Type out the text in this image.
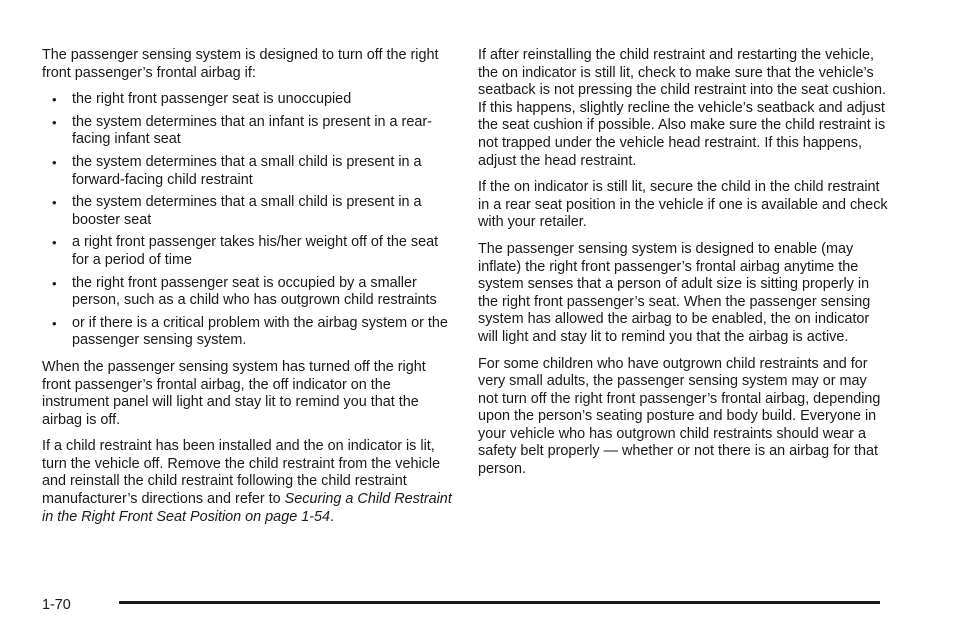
The passenger sensing system is designed to turn off the right front passenger’s frontal airbag if:

• the right front passenger seat is unoccupied
• the system determines that an infant is present in a rear-facing infant seat
• the system determines that a small child is present in a forward-facing child restraint
• the system determines that a small child is present in a booster seat
• a right front passenger takes his/her weight off of the seat for a period of time
• the right front passenger seat is occupied by a smaller person, such as a child who has outgrown child restraints
• or if there is a critical problem with the airbag system or the passenger sensing system.

When the passenger sensing system has turned off the right front passenger’s frontal airbag, the off indicator on the instrument panel will light and stay lit to remind you that the airbag is off.

If a child restraint has been installed and the on indicator is lit, turn the vehicle off. Remove the child restraint from the vehicle and reinstall the child restraint following the child restraint manufacturer’s directions and refer to Securing a Child Restraint in the Right Front Seat Position on page 1-54.

If after reinstalling the child restraint and restarting the vehicle, the on indicator is still lit, check to make sure that the vehicle’s seatback is not pressing the child restraint into the seat cushion. If this happens, slightly recline the vehicle’s seatback and adjust the seat cushion if possible. Also make sure the child restraint is not trapped under the vehicle head restraint. If this happens, adjust the head restraint.

If the on indicator is still lit, secure the child in the child restraint in a rear seat position in the vehicle if one is available and check with your retailer.

The passenger sensing system is designed to enable (may inflate) the right front passenger’s frontal airbag anytime the system senses that a person of adult size is sitting properly in the right front passenger’s seat. When the passenger sensing system has allowed the airbag to be enabled, the on indicator will light and stay lit to remind you that the airbag is active.

For some children who have outgrown child restraints and for very small adults, the passenger sensing system may or may not turn off the right front passenger’s frontal airbag, depending upon the person’s seating posture and body build. Everyone in your vehicle who has outgrown child restraints should wear a safety belt properly — whether or not there is an airbag for that person.

1-70
